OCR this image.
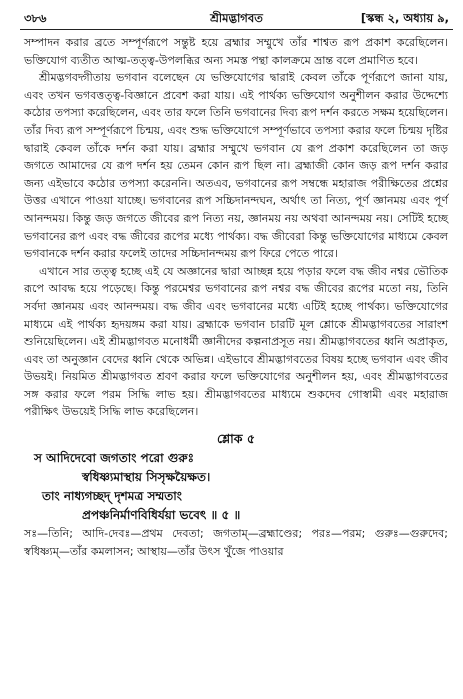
৩৮৬	শ্রীমদ্ভাগবত	[স্কন্ধ ২, অধ্যায় ৯,

সম্পাদন করার ব্রতে সম্পূর্ণরূপে সন্তুষ্ট হয়ে ব্রহ্মার সম্মুখে তাঁর শাশ্বত রূপ প্রকাশ করেছিলেন। ভক্তিযোগ ব্যতীত আত্ম-তত্ত্ব-উপলব্ধির অন্য সমস্ত পন্থা কালক্রমে ভ্রান্ত বলে প্রমাণিত হবে।

শ্রীমদ্ভগবদ্গীতায় ভগবান বলেছেন যে ভক্তিযোগের দ্বারাই কেবল তাঁকে পূর্ণরূপে জানা যায়, এবং তখন ভগবত্তত্ত্ব-বিজ্ঞানে প্রবেশ করা যায়। এই পার্থক্য ভক্তিযোগ অনুশীলন করার উদ্দেশ্যে কঠোর তপস্যা করেছিলেন, এবং তার ফলে তিনি ভগবানের দিব্য রূপ দর্শন করতে সক্ষম হয়েছিলেন। তাঁর দিব্য রূপ সম্পূর্ণরূপে চিন্ময়, এবং শুদ্ধ ভক্তিযোগে সম্পূর্ণভাবে তপস্যা করার ফলে চিন্ময় দৃষ্টির দ্বারাই কেবল তাঁকে দর্শন করা যায়। ব্রহ্মার সম্মুখে ভগবান যে রূপ প্রকাশ করেছিলেন তা জড় জগতে আমাদের যে রূপ দর্শন হয় তেমন কোন রূপ ছিল না। ব্রহ্মাজী কোন জড় রূপ দর্শন করার জন্য এইভাবে কঠোর তপস্যা করেননি। অতএব, ভগবানের রূপ সম্বন্ধে মহারাজ পরীক্ষিতের প্রশ্নের উত্তর এখানে পাওয়া যাচ্ছে। ভগবানের রূপ সচ্চিদানন্দঘন, অর্থাৎ তা নিত্য, পূর্ণ জ্ঞানময় এবং পূর্ণ আনন্দময়। কিন্তু জড় জগতে জীবের রূপ নিত্য নয়, জ্ঞানময় নয় অথবা আনন্দময় নয়। সেটিই হচ্ছে ভগবানের রূপ এবং বদ্ধ জীবের রূপের মধ্যে পার্থক্য। বদ্ধ জীবেরা কিন্তু ভক্তিযোগের মাধ্যমে কেবল ভগবানকে দর্শন করার ফলেই তাদের সচ্চিদানন্দময় রূপ ফিরে পেতে পারে।

এখানে সার তত্ত্ব হচ্ছে এই যে অজ্ঞানের দ্বারা আচ্ছন্ন হয়ে পড়ার ফলে বদ্ধ জীব নশ্বর ভৌতিক রূপে আবদ্ধ হয়ে পড়েছে। কিন্তু পরমেশ্বর ভগবানের রূপ নশ্বর বদ্ধ জীবের রূপের মতো নয়, তিনি সর্বদা জ্ঞানময় এবং আনন্দময়। বদ্ধ জীব এবং ভগবানের মধ্যে এটিই হচ্ছে পার্থক্য। ভক্তিযোগের মাধ্যমে এই পার্থক্য হৃদয়ঙ্গম করা যায়। ব্রহ্মাকে ভগবান চারটি মূল শ্লোকে শ্রীমদ্ভাগবতের সারাংশ শুনিয়েছিলেন। এই শ্রীমদ্ভাগবত মনোধর্মী জ্ঞানীদের কল্পনাপ্রসূত নয়। শ্রীমদ্ভাগবতের ধ্বনি অপ্রাকৃত, এবং তা অনুজ্ঞান বেদের ধ্বনি থেকে অভিন্ন। এইভাবে শ্রীমদ্ভাগবতের বিষয় হচ্ছে ভগবান এবং জীব উভয়ই। নিয়মিত শ্রীমদ্ভাগবত শ্রবণ করার ফলে ভক্তিযোগের অনুশীলন হয়, এবং শ্রীমদ্ভাগবতের সঙ্গ করার ফলে পরম সিদ্ধি লাভ হয়। শ্রীমদ্ভাগবতের মাধ্যমে শুকদেব গোস্বামী এবং মহারাজ পরীক্ষিৎ উভয়েই সিদ্ধি লাভ করেছিলেন।

শ্লোক ৫
স আদিদেবো জগতাং পরো গুরুঃ
স্বধিষ্ণ্যমাস্থায় সিসৃক্ষয়ৈক্ষত।
তাং নাধ্যগচ্ছদ্ দৃশমত্র সম্মতাং
প্রপঞ্চনির্মাণবিধির্যয়া ভবেৎ ॥ ৫ ॥

সঃ—তিনি; আদি-দেবঃ—প্রথম দেবতা; জগতাম্—ব্রহ্মাণ্ডের; পরঃ—পরম; গুরুঃ—গুরুদেব; স্বধিষ্ণ্যম্—তাঁর কমলাসন; আস্থায়—তাঁর উৎস খুঁজে পাওয়ার
